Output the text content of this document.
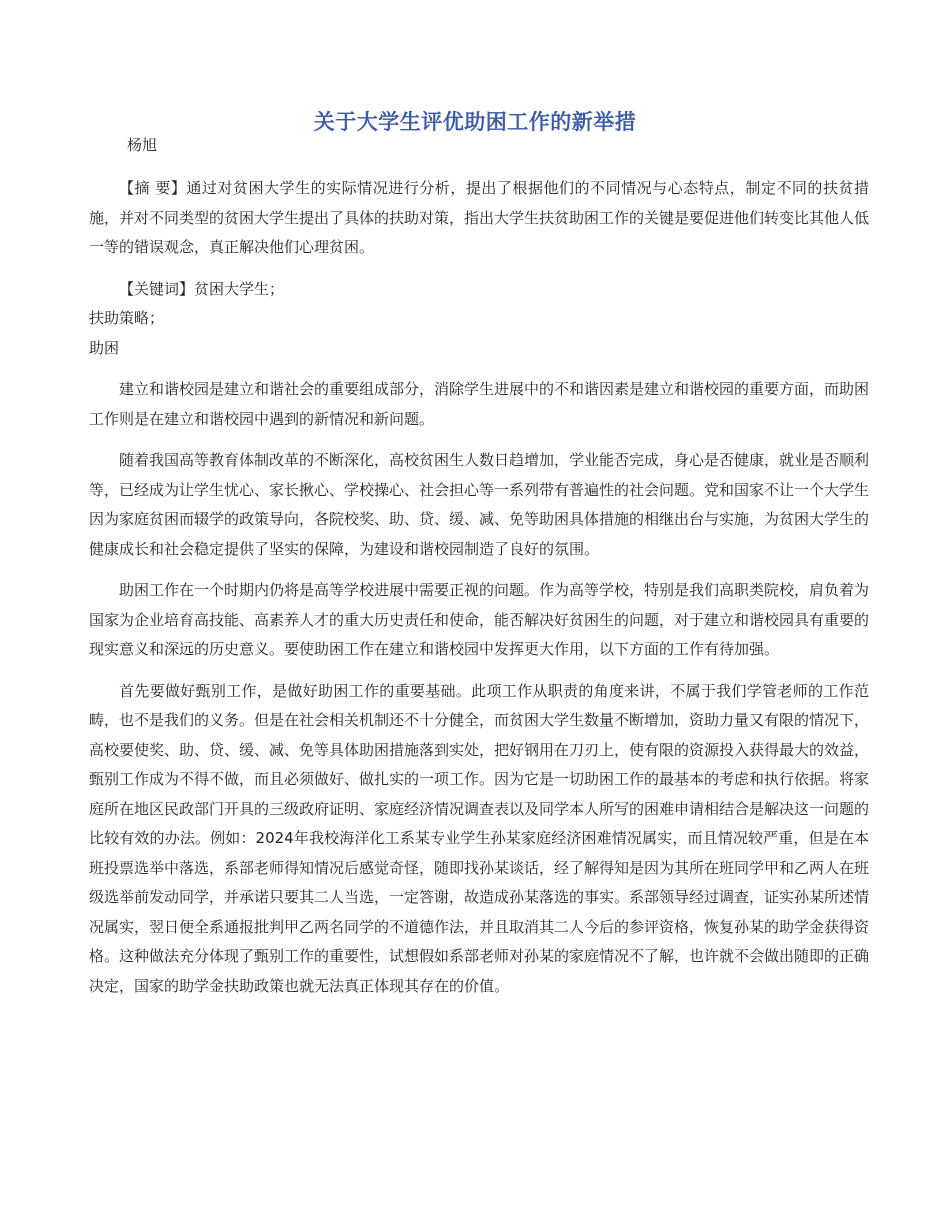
关于大学生评优助困工作的新举措
杨旭

【摘 要】通过对贫困大学生的实际情况进行分析，提出了根据他们的不同情况与心态特点，制定不同的扶贫措施，并对不同类型的贫困大学生提出了具体的扶助对策，指出大学生扶贫助困工作的关键是要促进他们转变比其他人低一等的错误观念，真正解决他们心理贫困。

【关键词】贫困大学生；

扶助策略；

助困

建立和谐校园是建立和谐社会的重要组成部分，消除学生进展中的不和谐因素是建立和谐校园的重要方面，而助困工作则是在建立和谐校园中遇到的新情况和新问题。

随着我国高等教育体制改革的不断深化，高校贫困生人数日趋增加，学业能否完成，身心是否健康，就业是否顺利等，已经成为让学生忧心、家长揪心、学校操心、社会担心等一系列带有普遍性的社会问题。党和国家不让一个大学生因为家庭贫困而辍学的政策导向，各院校奖、助、贷、缓、减、免等助困具体措施的相继出台与实施，为贫困大学生的健康成长和社会稳定提供了坚实的保障，为建设和谐校园制造了良好的氛围。

助困工作在一个时期内仍将是高等学校进展中需要正视的问题。作为高等学校，特别是我们高职类院校，肩负着为国家为企业培育高技能、高素养人才的重大历史责任和使命，能否解决好贫困生的问题，对于建立和谐校园具有重要的现实意义和深远的历史意义。要使助困工作在建立和谐校园中发挥更大作用，以下方面的工作有待加强。

首先要做好甄别工作，是做好助困工作的重要基础。此项工作从职责的角度来讲，不属于我们学管老师的工作范畴，也不是我们的义务。但是在社会相关机制还不十分健全，而贫困大学生数量不断增加，资助力量又有限的情况下，高校要使奖、助、贷、缓、减、免等具体助困措施落到实处，把好钢用在刀刃上，使有限的资源投入获得最大的效益，甄别工作成为不得不做，而且必须做好、做扎实的一项工作。因为它是一切助困工作的最基本的考虑和执行依据。将家庭所在地区民政部门开具的三级政府证明、家庭经济情况调查表以及同学本人所写的困难申请相结合是解决这一问题的比较有效的办法。例如：2024年我校海洋化工系某专业学生孙某家庭经济困难情况属实，而且情况较严重，但是在本班投票选举中落选，系部老师得知情况后感觉奇怪，随即找孙某谈话，经了解得知是因为其所在班同学甲和乙两人在班级选举前发动同学，并承诺只要其二人当选，一定答谢，故造成孙某落选的事实。系部领导经过调查，证实孙某所述情况属实，翌日便全系通报批判甲乙两名同学的不道德作法，并且取消其二人今后的参评资格，恢复孙某的助学金获得资格。这种做法充分体现了甄别工作的重要性，试想假如系部老师对孙某的家庭情况不了解，也许就不会做出随即的正确决定，国家的助学金扶助政策也就无法真正体现其存在的价值。
